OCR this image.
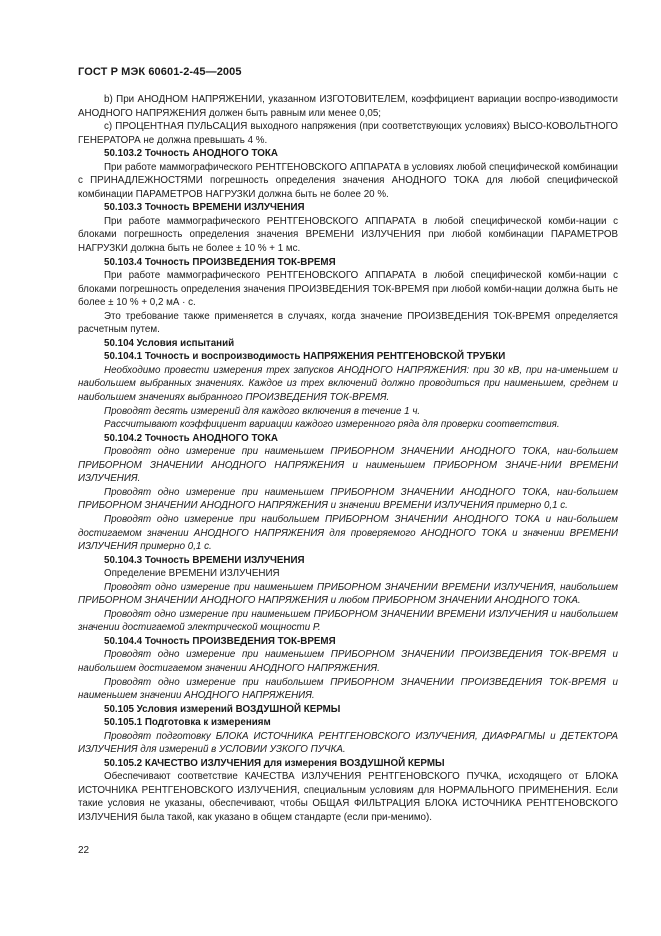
ГОСТ Р МЭК 60601-2-45—2005

b) При АНОДНОМ НАПРЯЖЕНИИ, указанном ИЗГОТОВИТЕЛЕМ, коэффициент вариации воспро-изводимости АНОДНОГО НАПРЯЖЕНИЯ должен быть равным или менее 0,05;

c) ПРОЦЕНТНАЯ ПУЛЬСАЦИЯ выходного напряжения (при соответствующих условиях) ВЫСО-КОВОЛЬТНОГО ГЕНЕРАТОРА не должна превышать 4 %.

50.103.2 Точность АНОДНОГО ТОКА

При работе маммографического РЕНТГЕНОВСКОГО АППАРАТА в условиях любой специфической комбинации с ПРИНАДЛЕЖНОСТЯМИ погрешность определения значения АНОДНОГО ТОКА для любой специфической комбинации ПАРАМЕТРОВ НАГРУЗКИ должна быть не более 20 %.

50.103.3 Точность ВРЕМЕНИ ИЗЛУЧЕНИЯ

При работе маммографического РЕНТГЕНОВСКОГО АППАРАТА в любой специфической комби-нации с блоками погрешность определения значения ВРЕМЕНИ ИЗЛУЧЕНИЯ при любой комбинации ПАРАМЕТРОВ НАГРУЗКИ должна быть не более ± 10 % + 1 мс.

50.103.4 Точность ПРОИЗВЕДЕНИЯ ТОК-ВРЕМЯ

При работе маммографического РЕНТГЕНОВСКОГО АППАРАТА в любой специфической комби-нации с блоками погрешность определения значения ПРОИЗВЕДЕНИЯ ТОК-ВРЕМЯ при любой комби-нации должна быть не более ± 10 % + 0,2 мА · с.

Это требование также применяется в случаях, когда значение ПРОИЗВЕДЕНИЯ ТОК-ВРЕМЯ определяется расчетным путем.

50.104 Условия испытаний

50.104.1 Точность и воспроизводимость НАПРЯЖЕНИЯ РЕНТГЕНОВСКОЙ ТРУБКИ

Необходимо провести измерения трех запусков АНОДНОГО НАПРЯЖЕНИЯ: при 30 кВ, при на-именьшем и наибольшем выбранных значениях. Каждое из трех включений должно проводиться при наименьшем, среднем и наибольшем значениях выбранного ПРОИЗВЕДЕНИЯ ТОК-ВРЕМЯ.

Проводят десять измерений для каждого включения в течение 1 ч.

Рассчитывают коэффициент вариации каждого измеренного ряда для проверки соответствия.

50.104.2 Точность АНОДНОГО ТОКА

Проводят одно измерение при наименьшем ПРИБОРНОМ ЗНАЧЕНИИ АНОДНОГО ТОКА, наи-большем ПРИБОРНОМ ЗНАЧЕНИИ АНОДНОГО НАПРЯЖЕНИЯ и наименьшем ПРИБОРНОМ ЗНАЧЕ-НИИ ВРЕМЕНИ ИЗЛУЧЕНИЯ.

Проводят одно измерение при наименьшем ПРИБОРНОМ ЗНАЧЕНИИ АНОДНОГО ТОКА, наи-большем ПРИБОРНОМ ЗНАЧЕНИИ АНОДНОГО НАПРЯЖЕНИЯ и значении ВРЕМЕНИ ИЗЛУЧЕНИЯ примерно 0,1 с.

Проводят одно измерение при наибольшем ПРИБОРНОМ ЗНАЧЕНИИ АНОДНОГО ТОКА и наи-большем достигаемом значении АНОДНОГО НАПРЯЖЕНИЯ для проверяемого АНОДНОГО ТОКА и значении ВРЕМЕНИ ИЗЛУЧЕНИЯ примерно 0,1 с.

50.104.3 Точность ВРЕМЕНИ ИЗЛУЧЕНИЯ

Определение ВРЕМЕНИ ИЗЛУЧЕНИЯ

Проводят одно измерение при наименьшем ПРИБОРНОМ ЗНАЧЕНИИ ВРЕМЕНИ ИЗЛУЧЕНИЯ, наибольшем ПРИБОРНОМ ЗНАЧЕНИИ АНОДНОГО НАПРЯЖЕНИЯ и любом ПРИБОРНОМ ЗНАЧЕНИИ АНОДНОГО ТОКА.

Проводят одно измерение при наименьшем ПРИБОРНОМ ЗНАЧЕНИИ ВРЕМЕНИ ИЗЛУЧЕНИЯ и наибольшем значении достигаемой электрической мощности Р.

50.104.4 Точность ПРОИЗВЕДЕНИЯ ТОК-ВРЕМЯ

Проводят одно измерение при наименьшем ПРИБОРНОМ ЗНАЧЕНИИ ПРОИЗВЕДЕНИЯ ТОК-ВРЕМЯ и наибольшем достигаемом значении АНОДНОГО НАПРЯЖЕНИЯ.

Проводят одно измерение при наибольшем ПРИБОРНОМ ЗНАЧЕНИИ ПРОИЗВЕДЕНИЯ ТОК-ВРЕМЯ и наименьшем значении АНОДНОГО НАПРЯЖЕНИЯ.

50.105 Условия измерений ВОЗДУШНОЙ КЕРМЫ

50.105.1 Подготовка к измерениям

Проводят подготовку БЛОКА ИСТОЧНИКА РЕНТГЕНОВСКОГО ИЗЛУЧЕНИЯ, ДИАФРАГМЫ и ДЕТЕКТОРА ИЗЛУЧЕНИЯ для измерений в УСЛОВИИ УЗКОГО ПУЧКА.

50.105.2 КАЧЕСТВО ИЗЛУЧЕНИЯ для измерения ВОЗДУШНОЙ КЕРМЫ

Обеспечивают соответствие КАЧЕСТВА ИЗЛУЧЕНИЯ РЕНТГЕНОВСКОГО ПУЧКА, исходящего от БЛОКА ИСТОЧНИКА РЕНТГЕНОВСКОГО ИЗЛУЧЕНИЯ, специальным условиям для НОРМАЛЬНОГО ПРИМЕНЕНИЯ. Если такие условия не указаны, обеспечивают, чтобы ОБЩАЯ ФИЛЬТРАЦИЯ БЛОКА ИСТОЧНИКА РЕНТГЕНОВСКОГО ИЗЛУЧЕНИЯ была такой, как указано в общем стандарте (если при-менимо).

22
